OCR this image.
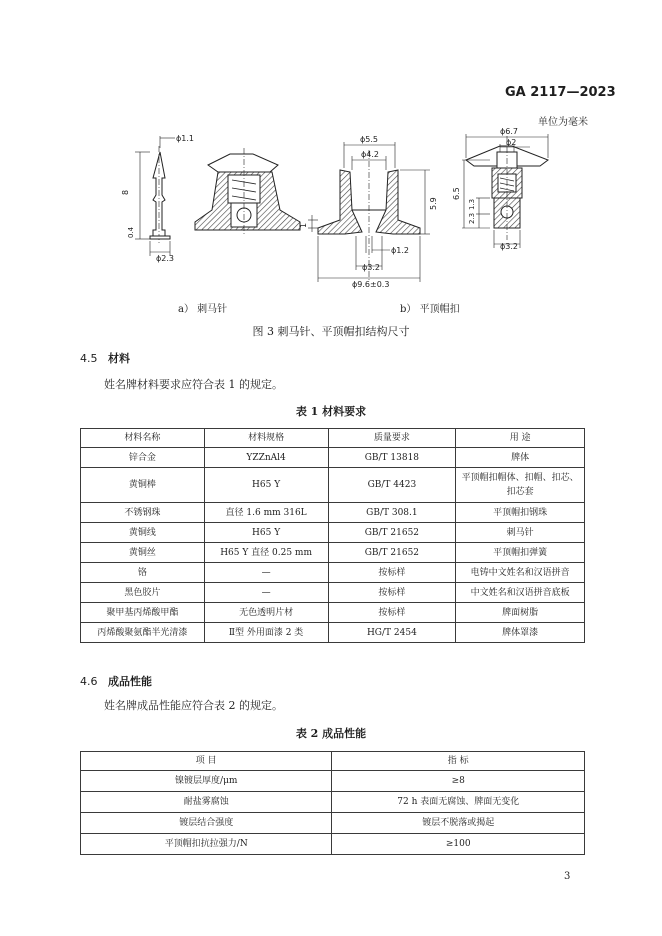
GA 2117—2023
单位为毫米
ϕ1.1
8
0.4
ϕ2.3
ϕ5.5
ϕ4.2
5.9
1
ϕ1.2
ϕ3.2
ϕ9.6±0.3
ϕ6.7
ϕ2
6.5
2.3
1.3
ϕ3.2
a） 刺马针	b） 平顶帽扣
图 3 刺马针、平顶帽扣结构尺寸
4.5 材料
姓名牌材料要求应符合表 1 的规定。
表 1 材料要求
材料名称	材料规格	质量要求	用 途
锌合金	YZZnAl4	GB/T 13818	牌体
黄铜棒	H65 Y	GB/T 4423	平顶帽扣帽体、扣帽、扣芯、扣芯套
不锈钢珠	直径 1.6 mm 316L	GB/T 308.1	平顶帽扣钢珠
黄铜线	H65 Y	GB/T 21652	刺马针
黄铜丝	H65 Y 直径 0.25 mm	GB/T 21652	平顶帽扣弹簧
铬	—	按标样	电铸中文姓名和汉语拼音
黑色胶片	—	按标样	中文姓名和汉语拼音底板
聚甲基丙烯酸甲酯	无色透明片材	按标样	牌面树脂
丙烯酸聚氨酯半光清漆	Ⅱ型 外用面漆 2 类	HG/T 2454	牌体罩漆
4.6 成品性能
姓名牌成品性能应符合表 2 的规定。
表 2 成品性能
项 目	指 标
镍镀层厚度/μm	≥8
耐盐雾腐蚀	72 h 表面无腐蚀、牌面无变化
镀层结合强度	镀层不脱落或揭起
平顶帽扣抗拉强力/N	≥100
3
